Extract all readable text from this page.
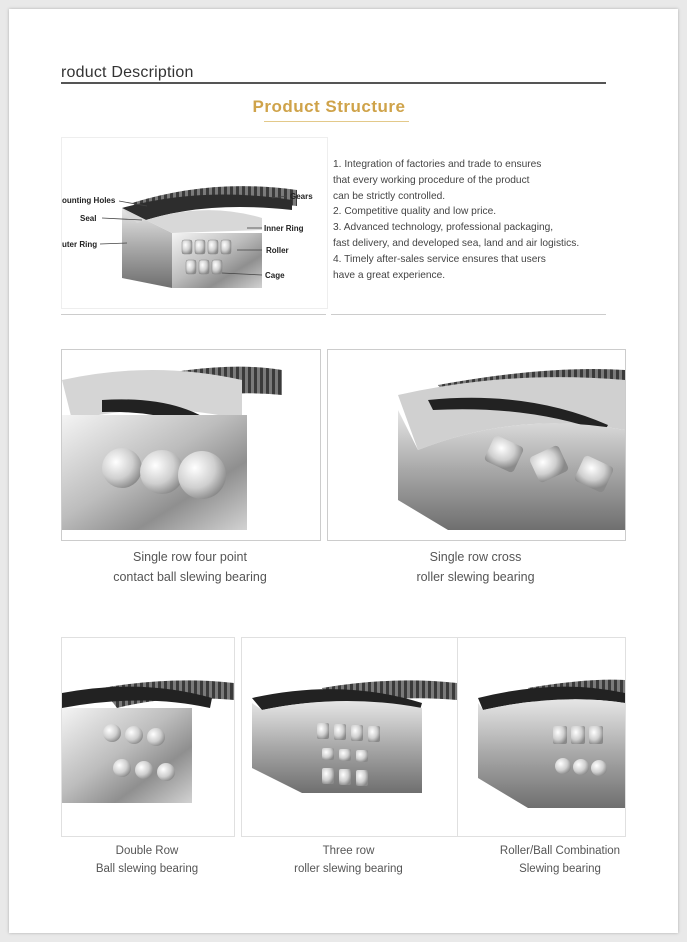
roduct Description
Product Structure
ounting Holes
Seal
uter Ring
Gears
Inner Ring
Roller
Cage
1. Integration of factories and trade to ensures
that every working procedure of the product
can be strictly controlled.
2. Competitive quality and low price.
3. Advanced technology, professional packaging,
fast delivery, and developed sea, land and air logistics.
4. Timely after-sales service ensures that users
have a great experience.
Single row four point
contact ball slewing bearing
Single row cross
roller slewing bearing
Double Row
Ball slewing bearing
Three row
roller slewing bearing
Roller/Ball Combination
Slewing bearing
